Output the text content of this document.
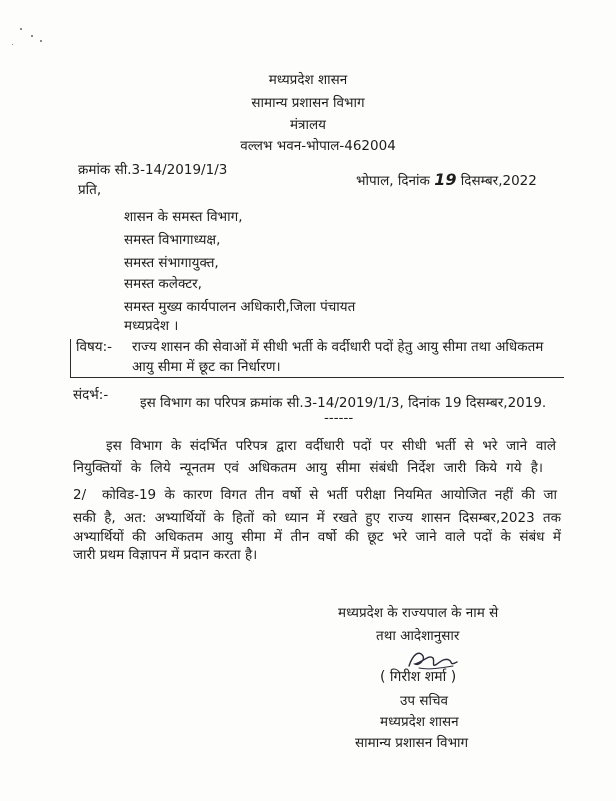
मध्यप्रदेश शासन
सामान्य प्रशासन विभाग
मंत्रालय
वल्लभ भवन-भोपाल-462004
क्रमांक सी.3-14/2019/1/3
भोपाल, दिनांक 19 दिसम्बर,2022
प्रति,
शासन के समस्त विभाग,
समस्त विभागाध्यक्ष,
समस्त संभागायुक्त,
समस्त कलेक्टर,
समस्त मुख्य कार्यपालन अधिकारी,जिला पंचायत
मध्यप्रदेश ।
विषय:- राज्य शासन की सेवाओं में सीधी भर्ती के वर्दीधारी पदों हेतु आयु सीमा तथा अधिकतम
आयु सीमा में छूट का निर्धारण।
संदर्भ:- इस विभाग का परिपत्र क्रमांक सी.3-14/2019/1/3, दिनांक 19 दिसम्बर,2019.
------
इस विभाग के संदर्भित परिपत्र द्वारा वर्दीधारी पदों पर सीधी भर्ती से भरे जाने वाले
नियुक्तियों के लिये न्यूनतम एवं अधिकतम आयु सीमा संबंधी निर्देश जारी किये गये है।
2/ कोविड-19 के कारण विगत तीन वर्षो से भर्ती परीक्षा नियमित आयोजित नहीं की जा
सकी है, अत: अभ्यार्थियों के हितों को ध्यान में रखते हुए राज्य शासन दिसम्बर,2023 तक
अभ्यार्थियों की अधिकतम आयु सीमा में तीन वर्षो की छूट भरे जाने वाले पदों के संबंध में
जारी प्रथम विज्ञापन में प्रदान करता है।
मध्यप्रदेश के राज्यपाल के नाम से
तथा आदेशानुसार
( गिरीश शर्मा )
उप सचिव
मध्यप्रदेश शासन
सामान्य प्रशासन विभाग
